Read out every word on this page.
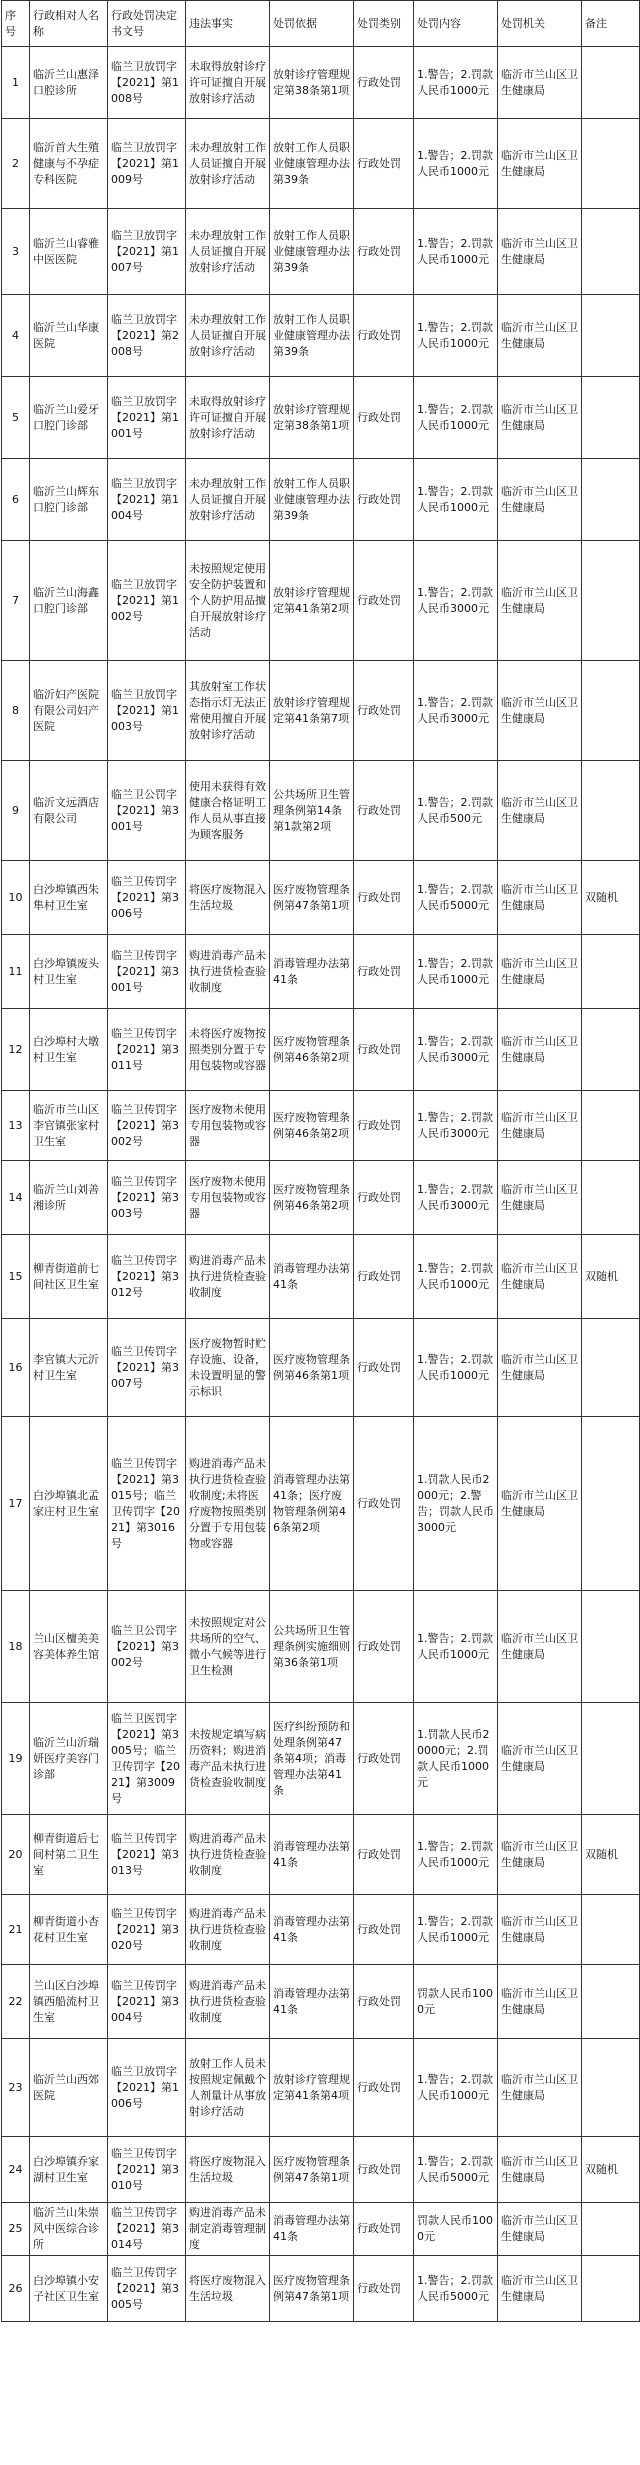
序号	行政相对人名称	行政处罚决定书文号	违法事实	处罚依据	处罚类别	处罚内容	处罚机关	备注
1	临沂兰山惠泽口腔诊所	临兰卫放罚字【2021】第1008号	未取得放射诊疗许可证擅自开展放射诊疗活动	放射诊疗管理规定第38条第1项	行政处罚	1.警告；2.罚款人民币1000元	临沂市兰山区卫生健康局	
2	临沂首大生殖健康与不孕症专科医院	临兰卫放罚字【2021】第1009号	未办理放射工作人员证擅自开展放射诊疗活动	放射工作人员职业健康管理办法第39条	行政处罚	1.警告；2.罚款人民币1000元	临沂市兰山区卫生健康局	
3	临沂兰山睿雅中医医院	临兰卫放罚字【2021】第1007号	未办理放射工作人员证擅自开展放射诊疗活动	放射工作人员职业健康管理办法第39条	行政处罚	1.警告；2.罚款人民币1000元	临沂市兰山区卫生健康局	
4	临沂兰山华康医院	临兰卫放罚字【2021】第2008号	未办理放射工作人员证擅自开展放射诊疗活动	放射工作人员职业健康管理办法第39条	行政处罚	1.警告；2.罚款人民币1000元	临沂市兰山区卫生健康局	
5	临沂兰山爱牙口腔门诊部	临兰卫放罚字【2021】第1001号	未取得放射诊疗许可证擅自开展放射诊疗活动	放射诊疗管理规定第38条第1项	行政处罚	1.警告；2.罚款人民币1000元	临沂市兰山区卫生健康局	
6	临沂兰山辉东口腔门诊部	临兰卫放罚字【2021】第1004号	未办理放射工作人员证擅自开展放射诊疗活动	放射工作人员职业健康管理办法第39条	行政处罚	1.警告；2.罚款人民币1000元	临沂市兰山区卫生健康局	
7	临沂兰山海鑫口腔门诊部	临兰卫放罚字【2021】第1002号	未按照规定使用安全防护装置和个人防护用品擅自开展放射诊疗活动	放射诊疗管理规定第41条第2项	行政处罚	1.警告；2.罚款人民币3000元	临沂市兰山区卫生健康局	
8	临沂妇产医院有限公司妇产医院	临兰卫放罚字【2021】第1003号	其放射室工作状态指示灯无法正常使用擅自开展放射诊疗活动	放射诊疗管理规定第41条第7项	行政处罚	1.警告；2.罚款人民币3000元	临沂市兰山区卫生健康局	
9	临沂文远酒店有限公司	临兰卫公罚字【2021】第3001号	使用未获得有效健康合格证明工作人员从事直接为顾客服务	公共场所卫生管理条例第14条第1款第2项	行政处罚	1.警告；2.罚款人民币500元	临沂市兰山区卫生健康局	
10	白沙埠镇西朱隼村卫生室	临兰卫传罚字【2021】第3006号	将医疗废物混入生活垃圾	医疗废物管理条例第47条第1项	行政处罚	1.警告；2.罚款人民币5000元	临沂市兰山区卫生健康局	双随机
11	白沙埠镇废头村卫生室	临兰卫传罚字【2021】第3001号	购进消毒产品未执行进货检查验收制度	消毒管理办法第41条	行政处罚	1.警告；2.罚款人民币1000元	临沂市兰山区卫生健康局	
12	白沙埠村大墩村卫生室	临兰卫传罚字【2021】第3011号	未将医疗废物按照类别分置于专用包装物或容器	医疗废物管理条例第46条第2项	行政处罚	1.警告；2.罚款人民币3000元	临沂市兰山区卫生健康局	
13	临沂市兰山区李官镇张家村卫生室	临兰卫传罚字【2021】第3002号	医疗废物未使用专用包装物或容器	医疗废物管理条例第46条第2项	行政处罚	1.警告；2.罚款人民币3000元	临沂市兰山区卫生健康局	
14	临沂兰山刘善湘诊所	临兰卫传罚字【2021】第3003号	医疗废物未使用专用包装物或容器	医疗废物管理条例第46条第2项	行政处罚	1.警告；2.罚款人民币3000元	临沂市兰山区卫生健康局	
15	柳青街道前七间社区卫生室	临兰卫传罚字【2021】第3012号	购进消毒产品未执行进货检查验收制度	消毒管理办法第41条	行政处罚	1.警告；2.罚款人民币1000元	临沂市兰山区卫生健康局	双随机
16	李官镇大元沂村卫生室	临兰卫传罚字【2021】第3007号	医疗废物暂时贮存设施、设备，未设置明显的警示标识	医疗废物管理条例第46条第1项	行政处罚	1.警告；2.罚款人民币1000元	临沂市兰山区卫生健康局	
17	白沙埠镇北孟家庄村卫生室	临兰卫传罚字【2021】第3015号；临兰卫传罚字【2021】第3016号	购进消毒产品未执行进货检查验收制度;未将医疗废物按照类别分置于专用包装物或容器	消毒管理办法第41条；医疗废物管理条例第46条第2项	行政处罚	1.罚款人民币2000元；2.警告；罚款人民币3000元	临沂市兰山区卫生健康局	
18	兰山区檀美美容美体养生馆	临兰卫公罚字【2021】第3002号	未按照规定对公共场所的空气、微小气候等进行卫生检测	公共场所卫生管理条例实施细则第36条第1项	行政处罚	1.警告；2.罚款人民币1000元	临沂市兰山区卫生健康局	
19	临沂兰山沂瑞妍医疗美容门诊部	临兰卫医罚字【2021】第3005号；临兰卫传罚字【2021】第3009号	未按规定填写病历资料；购进消毒产品未执行进货检查验收制度	医疗纠纷预防和处理条例第47条第4项；消毒管理办法第41条	行政处罚	1.罚款人民币20000元；2.罚款人民币1000元	临沂市兰山区卫生健康局	
20	柳青街道后七间村第二卫生室	临兰卫传罚字【2021】第3013号	购进消毒产品未执行进货检查验收制度	消毒管理办法第41条	行政处罚	1.警告；2.罚款人民币1000元	临沂市兰山区卫生健康局	双随机
21	柳青街道小杏花村卫生室	临兰卫传罚字【2021】第3020号	购进消毒产品未执行进货检查验收制度	消毒管理办法第41条	行政处罚	1.警告；2.罚款人民币1000元	临沂市兰山区卫生健康局	
22	兰山区白沙埠镇西船流村卫生室	临兰卫传罚字【2021】第3004号	购进消毒产品未执行进货检查验收制度	消毒管理办法第41条	行政处罚	罚款人民币1000元	临沂市兰山区卫生健康局	
23	临沂兰山西郊医院	临兰卫放罚字【2021】第1006号	放射工作人员未按照规定佩戴个人剂量计从事放射诊疗活动	放射诊疗管理规定第41条第4项	行政处罚	1.警告；2.罚款人民币1000元	临沂市兰山区卫生健康局	
24	白沙埠镇乔家湖村卫生室	临兰卫传罚字【2021】第3010号	将医疗废物混入生活垃圾	医疗废物管理条例第47条第1项	行政处罚	1.警告；2.罚款人民币5000元	临沂市兰山区卫生健康局	双随机
25	临沂兰山朱崇风中医综合诊所	临兰卫传罚字【2021】第3014号	购进消毒产品未制定消毒管理制度	消毒管理办法第41条	行政处罚	罚款人民币1000元	临沂市兰山区卫生健康局	
26	白沙埠镇小安子社区卫生室	临兰卫传罚字【2021】第3005号	将医疗废物混入生活垃圾	医疗废物管理条例第47条第1项	行政处罚	1.警告；2.罚款人民币5000元	临沂市兰山区卫生健康局	
